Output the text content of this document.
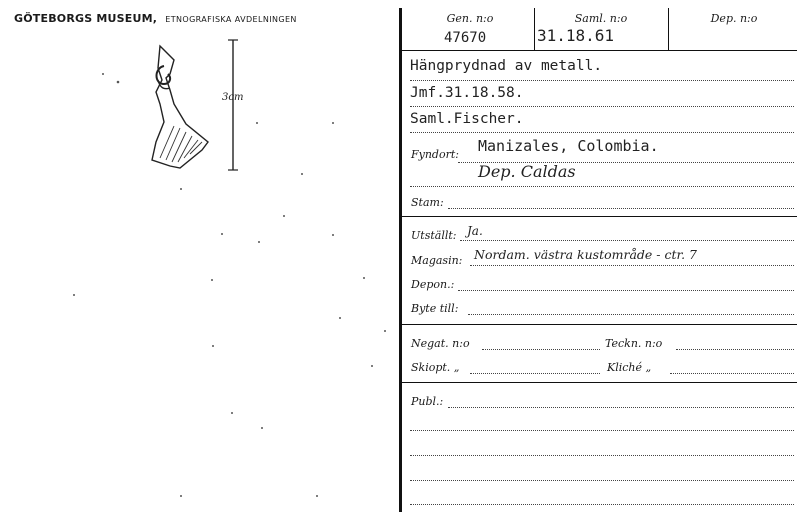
GÖTEBORGS MUSEUM, ETNOGRAFISKA AVDELNINGEN
3cm
Gen. n:o
47670
Saml. n:o
31.18.61
Dep. n:o
Hängprydnad av metall.
Jmf.31.18.58.
Saml.Fischer.
Fyndort: Manizales, Colombia.
Dep. Caldas
Stam:
Utställt: Ja.
Magasin: Nordam. västra kustområde - ctr. 7
Depon.:
Byte till:
Negat. n:o	Teckn. n:o
Skiopt. „	Kliché „
Publ.:
